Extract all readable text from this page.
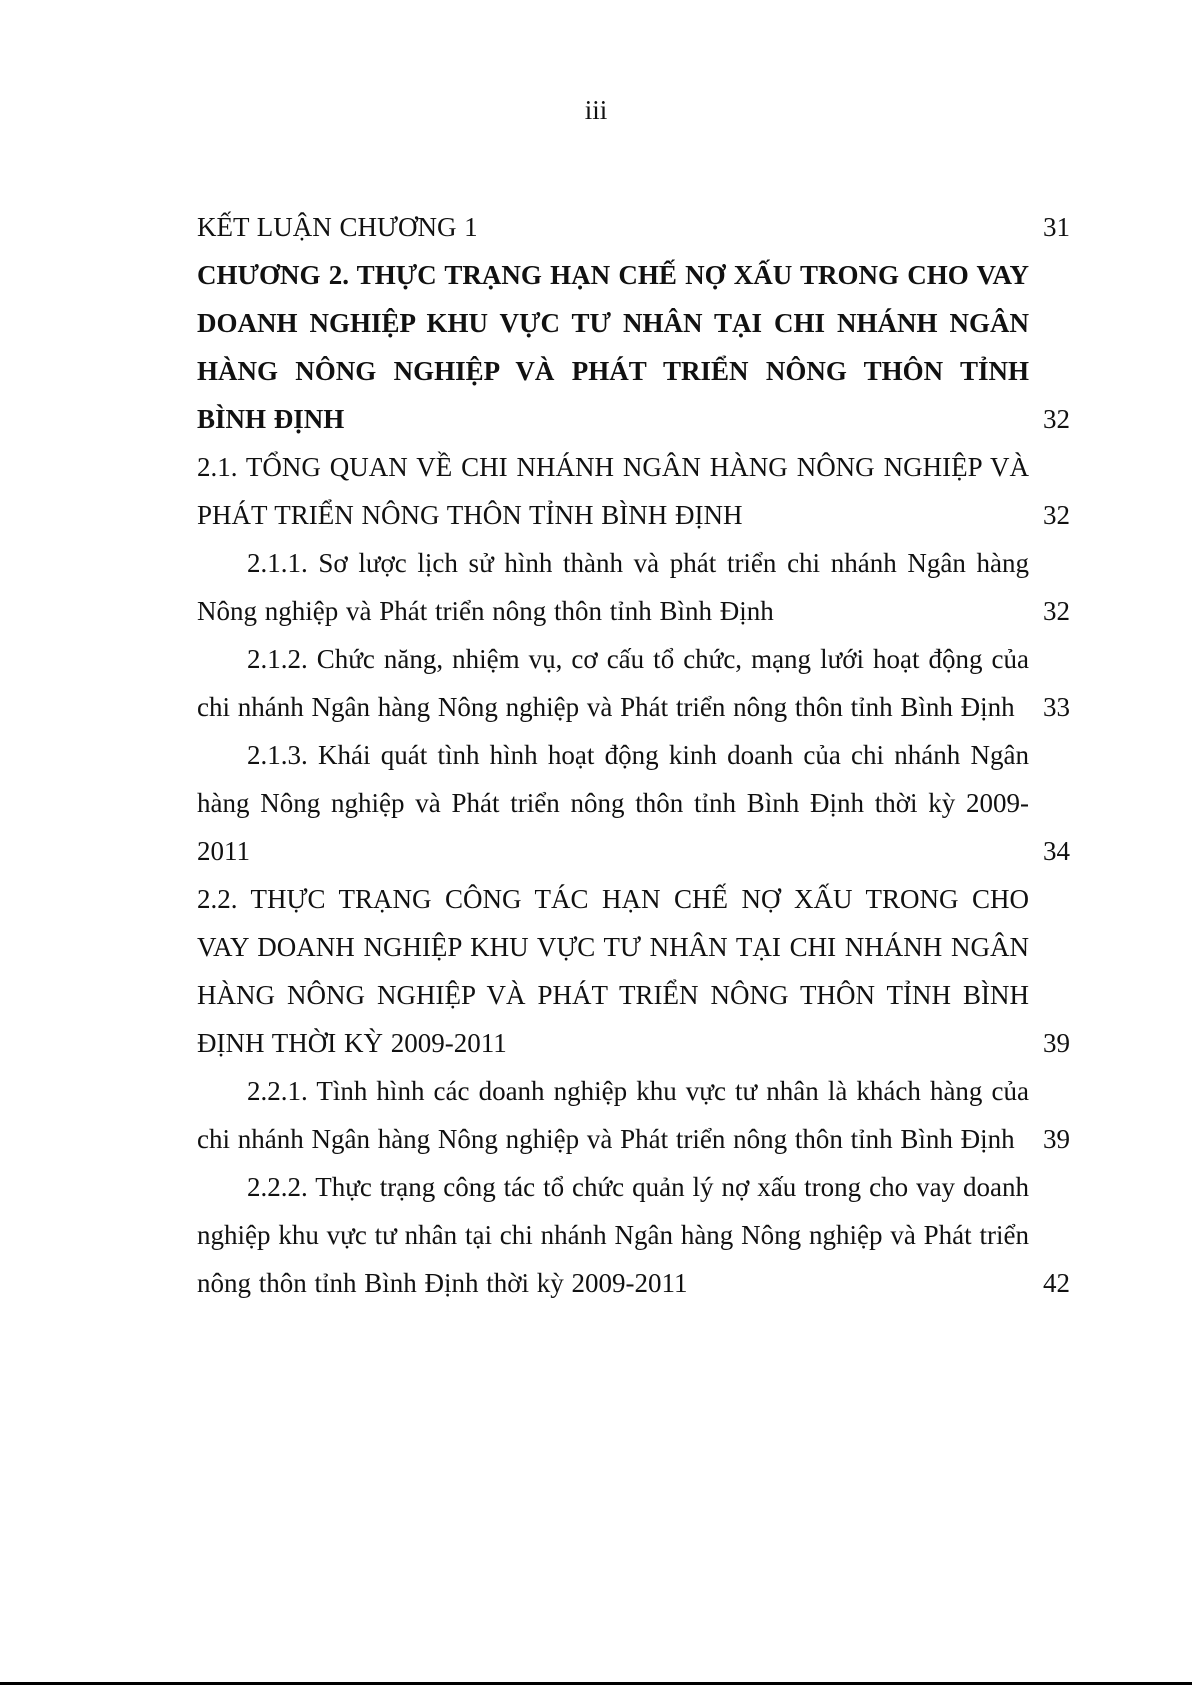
iii
KẾT LUẬN CHƯƠNG 1	31
CHƯƠNG 2. THỰC TRẠNG HẠN CHẾ NỢ XẤU TRONG CHO VAY DOANH NGHIỆP KHU VỰC TƯ NHÂN TẠI CHI NHÁNH NGÂN HÀNG NÔNG NGHIỆP VÀ PHÁT TRIỂN NÔNG THÔN TỈNH BÌNH ĐỊNH	32
2.1. TỔNG QUAN VỀ CHI NHÁNH NGÂN HÀNG NÔNG NGHIỆP VÀ PHÁT TRIỂN NÔNG THÔN TỈNH BÌNH ĐỊNH	32
2.1.1. Sơ lược lịch sử hình thành và phát triển chi nhánh Ngân hàng Nông nghiệp và Phát triển nông thôn tỉnh Bình Định	32
2.1.2. Chức năng, nhiệm vụ, cơ cấu tổ chức, mạng lưới hoạt động của chi nhánh Ngân hàng Nông nghiệp và Phát triển nông thôn tỉnh Bình Định	33
2.1.3. Khái quát tình hình hoạt động kinh doanh của chi nhánh Ngân hàng Nông nghiệp và Phát triển nông thôn tỉnh Bình Định thời kỳ 2009-2011	34
2.2. THỰC TRẠNG CÔNG TÁC HẠN CHẾ NỢ XẤU TRONG CHO VAY DOANH NGHIỆP KHU VỰC TƯ NHÂN TẠI CHI NHÁNH NGÂN HÀNG NÔNG NGHIỆP VÀ PHÁT TRIỂN NÔNG THÔN TỈNH BÌNH ĐỊNH THỜI KỲ 2009-2011	39
2.2.1. Tình hình các doanh nghiệp khu vực tư nhân là khách hàng của chi nhánh Ngân hàng Nông nghiệp và Phát triển nông thôn tỉnh Bình Định	39
2.2.2. Thực trạng công tác tổ chức quản lý nợ xấu trong cho vay doanh nghiệp khu vực tư nhân tại chi nhánh Ngân hàng Nông nghiệp và Phát triển nông thôn tỉnh Bình Định thời kỳ 2009-2011	42
